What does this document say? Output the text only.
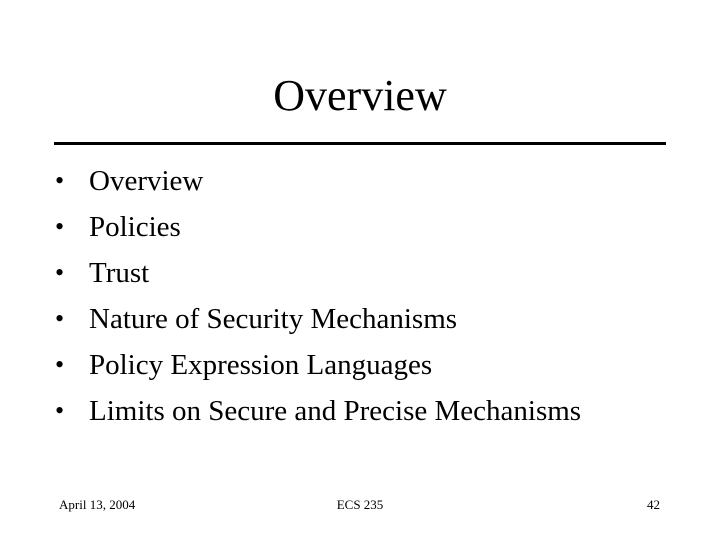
Overview
• Overview
• Policies
• Trust
• Nature of Security Mechanisms
• Policy Expression Languages
• Limits on Secure and Precise Mechanisms
April 13, 2004	ECS 235	42
